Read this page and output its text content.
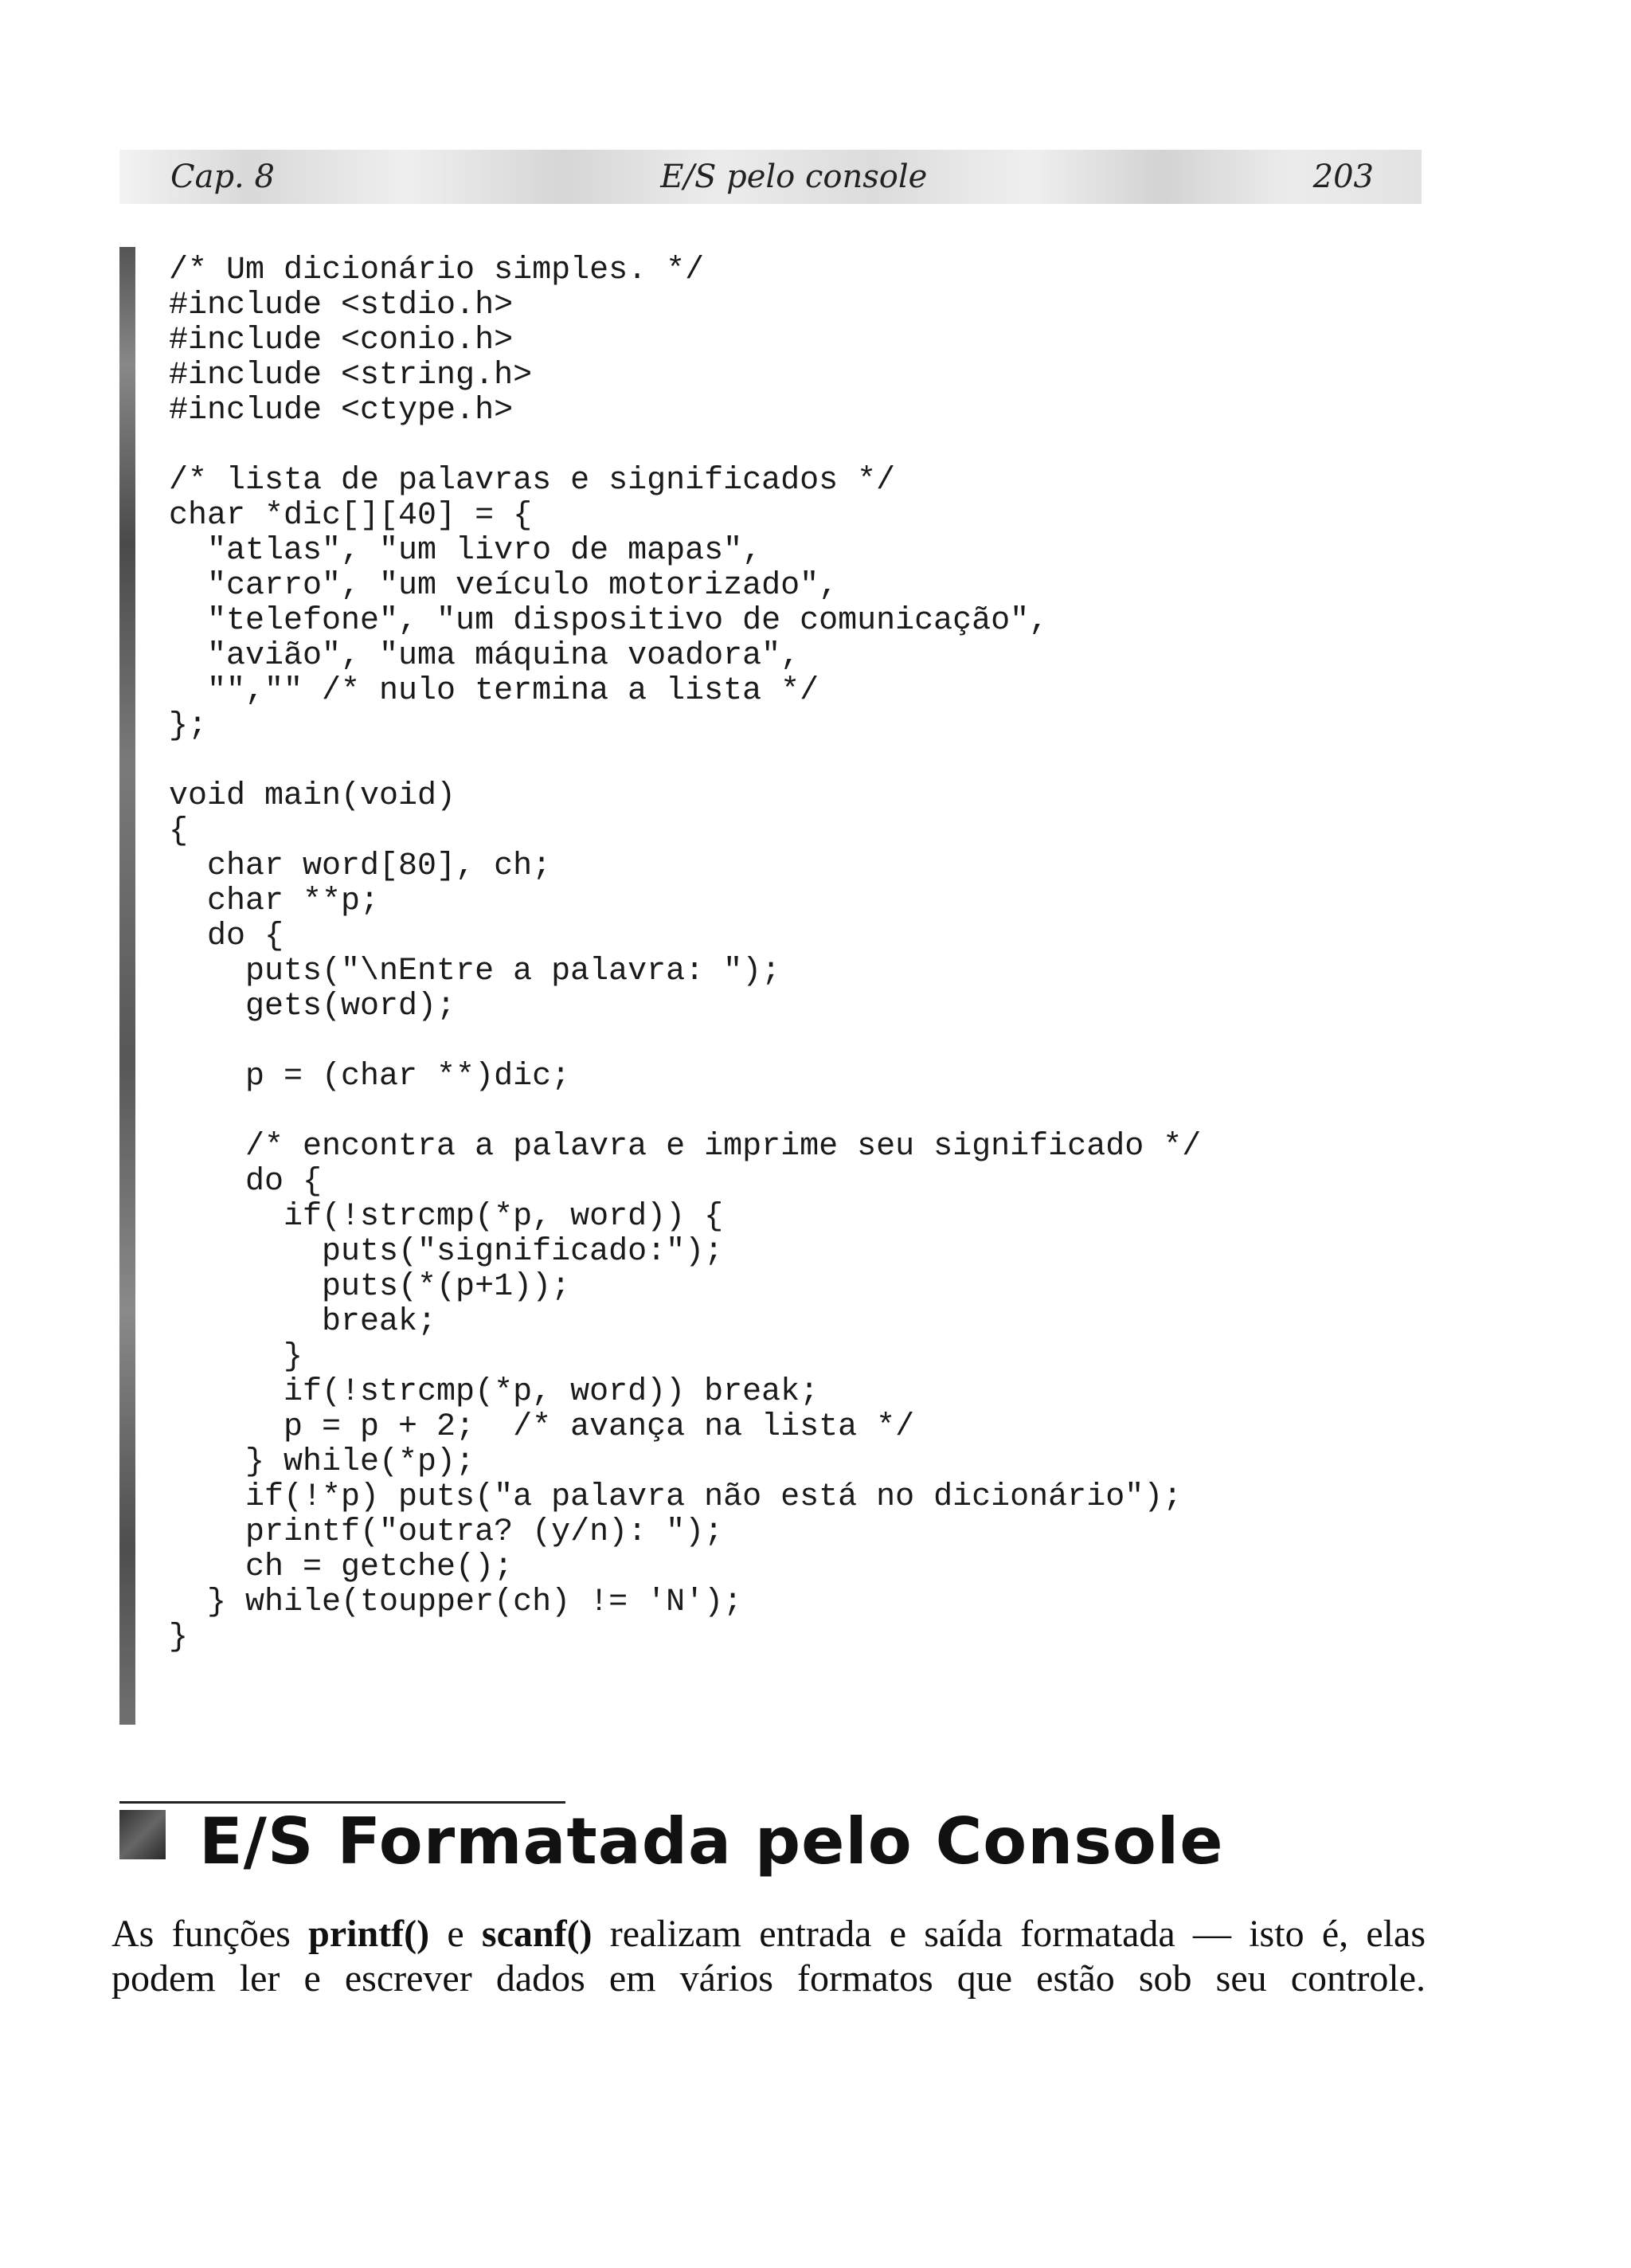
Cap. 8	E/S pelo console	203
/* Um dicionário simples. */
#include <stdio.h>
#include <conio.h>
#include <string.h>
#include <ctype.h>

/* lista de palavras e significados */
char *dic[][40] = {
"atlas", "um livro de mapas",
"carro", "um veículo motorizado",
"telefone", "um dispositivo de comunicação",
"avião", "uma máquina voadora",
"","" /* nulo termina a lista */
};

void main(void)
{
char word[80], ch;
char **p;
do {
puts("\nEntre a palavra: ");
gets(word);

p = (char **)dic;

/* encontra a palavra e imprime seu significado */
do {
if(!strcmp(*p, word)) {
puts("significado:");
puts(*(p+1));
break;
}
if(!strcmp(*p, word)) break;
p = p + 2;  /* avança na lista */
} while(*p);
if(!*p) puts("a palavra não está no dicionário");
printf("outra? (y/n): ");
ch = getche();
} while(toupper(ch) != 'N');
}
E/S Formatada pelo Console

As funções printf() e scanf() realizam entrada e saída formatada — isto é, elas
podem ler e escrever dados em vários formatos que estão sob seu controle.
